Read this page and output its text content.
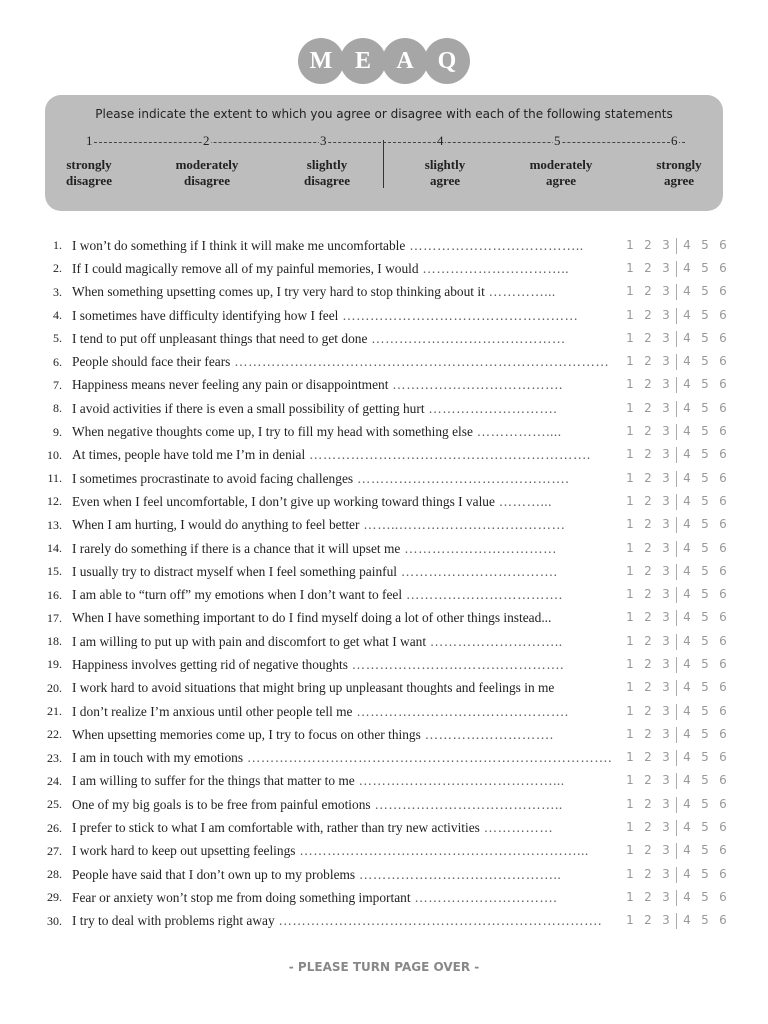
M E	A Q
Please indicate the extent to which you agree or disagree with each of the following statements
1
strongly
disagree
2
moderately
disagree
3
slightly
disagree
4
slightly
agree
5
moderately
agree
6
strongly
agree
1. I won’t do something if I think it will make me uncomfortable ………………………………..	1 2 3	4 5 6
2. If I could magically remove all of my painful memories, I would …………………………..	1 2 3	4 5 6
3. When something upsetting comes up, I try very hard to stop thinking about it …………...	1 2 3	4 5 6
4. I sometimes have difficulty identifying how I feel ……………………………………………	1 2 3	4 5 6
5. I tend to put off unpleasant things that need to get done ……………………………………	1 2 3	4 5 6
6. People should face their fears ………………………………………………………………………	1 2 3	4 5 6
7. Happiness means never feeling any pain or disappointment ……………………………….	1 2 3	4 5 6
8. I avoid activities if there is even a small possibility of getting hurt ……………………….	1 2 3	4 5 6
9. When negative thoughts come up, I try to fill my head with something else ……………....	1 2 3	4 5 6
10. At times, people have told me I’m in denial …………………………………………………….	1 2 3	4 5 6
11. I sometimes procrastinate to avoid facing challenges ……………………………………….	1 2 3	4 5 6
12. Even when I feel uncomfortable, I don’t give up working toward things I value ………...	1 2 3	4 5 6
13. When I am hurting, I would do anything to feel better ……..………………………………	1 2 3	4 5 6
14. I rarely do something if there is a chance that it will upset me ……………………………	1 2 3	4 5 6
15. I usually try to distract myself when I feel something painful …………………………….	1 2 3	4 5 6
16. I am able to “turn off” my emotions when I don’t want to feel …………………………….	1 2 3	4 5 6
17. When I have something important to do I find myself doing a lot of other things instead...	1 2 3	4 5 6
18. I am willing to put up with pain and discomfort to get what I want ………………………..	1 2 3	4 5 6
19. Happiness involves getting rid of negative thoughts ……………………………………….	1 2 3	4 5 6
20. I work hard to avoid situations that might bring up unpleasant thoughts and feelings in me	1 2 3	4 5 6
21. I don’t realize I’m anxious until other people tell me ……………………………………….	1 2 3	4 5 6
22. When upsetting memories come up, I try to focus on other things ……………………….	1 2 3	4 5 6
23. I am in touch with my emotions …………………………………………………………………….	1 2 3	4 5 6
24. I am willing to suffer for the things that matter to me ……………………………………...	1 2 3	4 5 6
25. One of my big goals is to be free from painful emotions …………………………………..	1 2 3	4 5 6
26. I prefer to stick to what I am comfortable with, rather than try new activities ……………	1 2 3	4 5 6
27. I work hard to keep out upsetting feelings ……………………………………………………...	1 2 3	4 5 6
28. People have said that I don’t own up to my problems ……………………………………..	1 2 3	4 5 6
29. Fear or anxiety won’t stop me from doing something important ………………………….	1 2 3	4 5 6
30. I try to deal with problems right away …………………………………………………………….	1 2 3	4 5 6
- PLEASE TURN PAGE OVER -
